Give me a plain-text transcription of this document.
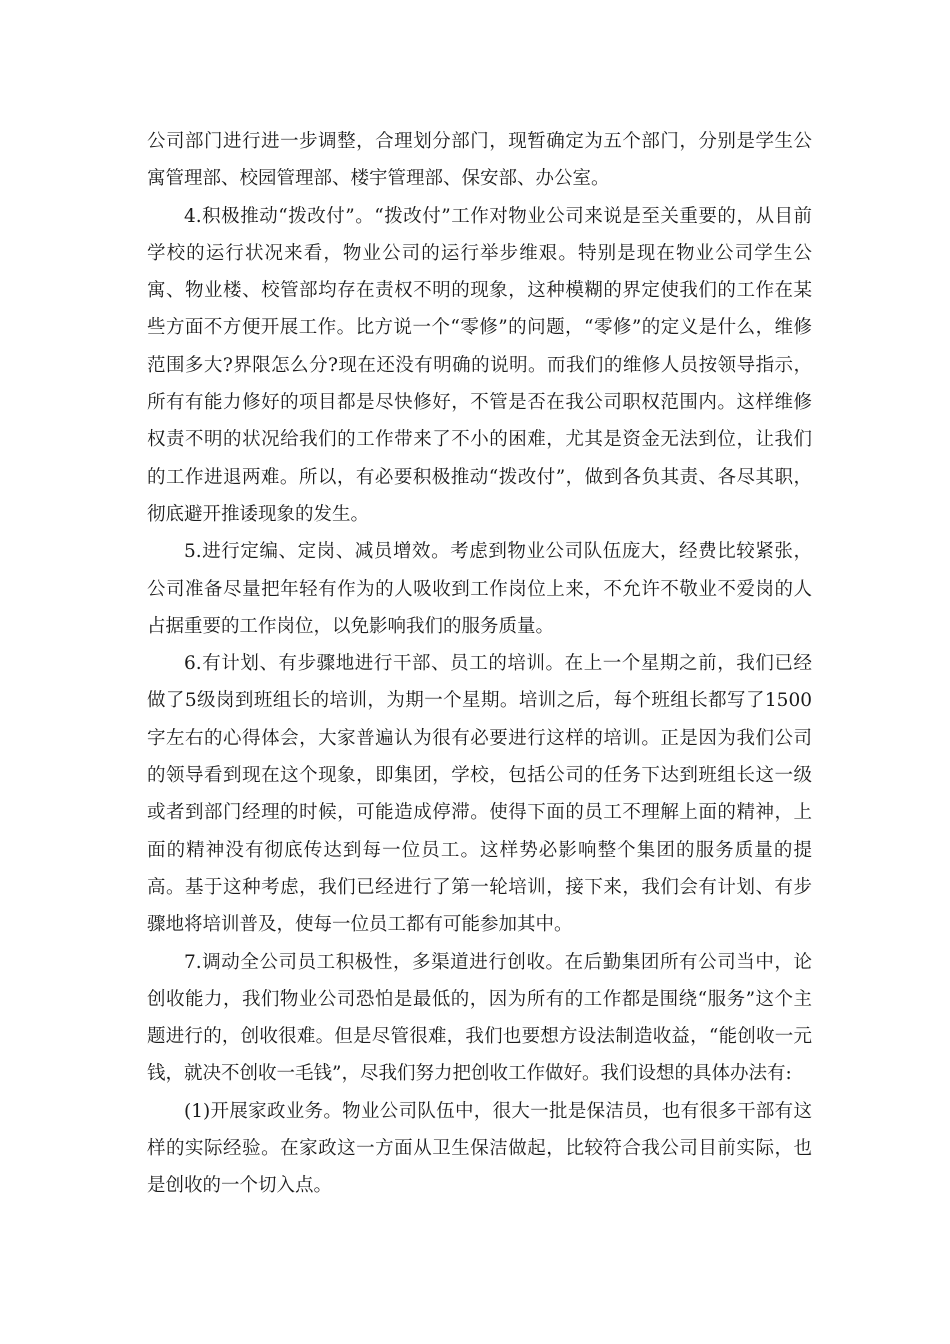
公司部门进行进一步调整，合理划分部门，现暂确定为五个部门，分别是学生公寓管理部、校园管理部、楼宇管理部、保安部、办公室。

4.积极推动“拨改付”。“拨改付”工作对物业公司来说是至关重要的，从目前学校的运行状况来看，物业公司的运行举步维艰。特别是现在物业公司学生公寓、物业楼、校管部均存在责权不明的现象，这种模糊的界定使我们的工作在某些方面不方便开展工作。比方说一个“零修”的问题，“零修”的定义是什么，维修范围多大?界限怎么分?现在还没有明确的说明。而我们的维修人员按领导指示，所有有能力修好的项目都是尽快修好，不管是否在我公司职权范围内。这样维修权责不明的状况给我们的工作带来了不小的困难，尤其是资金无法到位，让我们的工作进退两难。所以，有必要积极推动“拨改付”，做到各负其责、各尽其职，彻底避开推诿现象的发生。

5.进行定编、定岗、减员增效。考虑到物业公司队伍庞大，经费比较紧张，公司准备尽量把年轻有作为的人吸收到工作岗位上来，不允许不敬业不爱岗的人占据重要的工作岗位，以免影响我们的服务质量。

6.有计划、有步骤地进行干部、员工的培训。在上一个星期之前，我们已经做了5级岗到班组长的培训，为期一个星期。培训之后，每个班组长都写了1500字左右的心得体会，大家普遍认为很有必要进行这样的培训。正是因为我们公司的领导看到现在这个现象，即集团，学校，包括公司的任务下达到班组长这一级或者到部门经理的时候，可能造成停滞。使得下面的员工不理解上面的精神，上面的精神没有彻底传达到每一位员工。这样势必影响整个集团的服务质量的提高。基于这种考虑，我们已经进行了第一轮培训，接下来，我们会有计划、有步骤地将培训普及，使每一位员工都有可能参加其中。

7.调动全公司员工积极性，多渠道进行创收。在后勤集团所有公司当中，论创收能力，我们物业公司恐怕是最低的，因为所有的工作都是围绕“服务”这个主题进行的，创收很难。但是尽管很难，我们也要想方设法制造收益，“能创收一元钱，就决不创收一毛钱”，尽我们努力把创收工作做好。我们设想的具体办法有:

(1)开展家政业务。物业公司队伍中，很大一批是保洁员，也有很多干部有这样的实际经验。在家政这一方面从卫生保洁做起，比较符合我公司目前实际，也是创收的一个切入点。
